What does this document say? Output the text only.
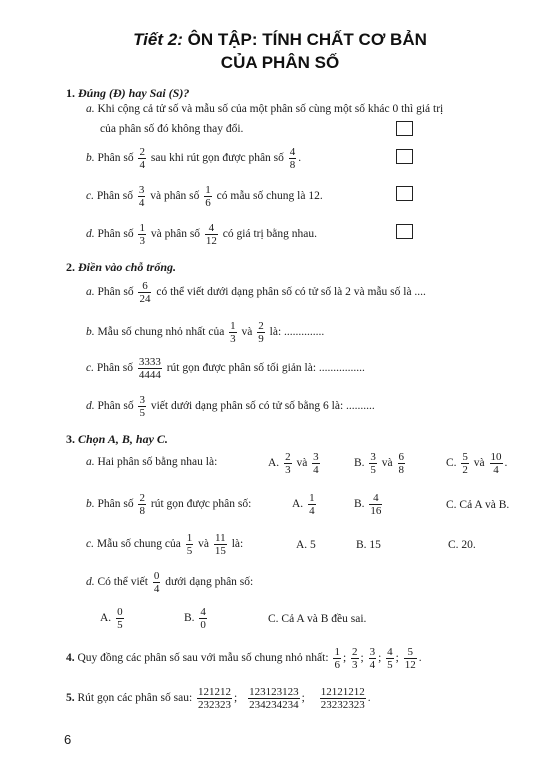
Tiết 2: ÔN TẬP: TÍNH CHẤT CƠ BẢN
CỦA PHÂN SỐ
1. Đúng (Đ) hay Sai (S)?
a. Khi cộng cả tử số và mẫu số của một phân số cùng một số khác 0 thì giá trị
của phân số đó không thay đổi.
b. Phân số $\frac{2}{4}$ sau khi rút gọn được phân số $\frac{4}{8}$ .
c. Phân số $\frac{3}{4}$ và phân số $\frac{1}{6}$ có mẫu số chung là 12.
d. Phân số $\frac{1}{3}$ và phân số $\frac{4}{12}$ có giá trị bằng nhau.
2. Điền vào chỗ trống.
a. Phân số $\frac{6}{24}$ có thể viết dưới dạng phân số có tử số là 2 và mẫu số là ....
b. Mẫu số chung nhỏ nhất của $\frac{1}{3}$ và $\frac{2}{9}$ là: ..............
c. Phân số $\frac{3333}{4444}$ rút gọn được phân số tối giản là: ................
d. Phân số $\frac{3}{5}$ viết dưới dạng phân số có tử số bằng 6 là: ..........
3. Chọn A, B, hay C.
a. Hai phân số bằng nhau là:	A. $\frac{2}{3}$ và $\frac{3}{4}$	B. $\frac{3}{5}$ và $\frac{6}{8}$	C. $\frac{5}{2}$ và $\frac{10}{4}$ .
b. Phân số $\frac{2}{8}$ rút gọn được phân số:	A. $\frac{1}{4}$	B. $\frac{4}{16}$	C. Cả A và B.
c. Mẫu số chung của $\frac{1}{5}$ và $\frac{11}{15}$ là:	A. 5	B. 15	C. 20.
d. Có thể viết $\frac{0}{4}$ dưới dạng phân số:
A. $\frac{0}{5}$	B. $\frac{4}{0}$	C. Cả A và B đều sai.
4. Quy đồng các phân số sau với mẫu số chung nhỏ nhất: $\frac{1}{6}$ ; $\frac{2}{3}$ ; $\frac{3}{4}$ ; $\frac{4}{5}$ ; $\frac{5}{12}$ .
5. Rút gọn các phân số sau: $\frac{121212}{232323}$ ; $\frac{123123123}{234234234}$ ; $\frac{12121212}{23232323}$ .
6
